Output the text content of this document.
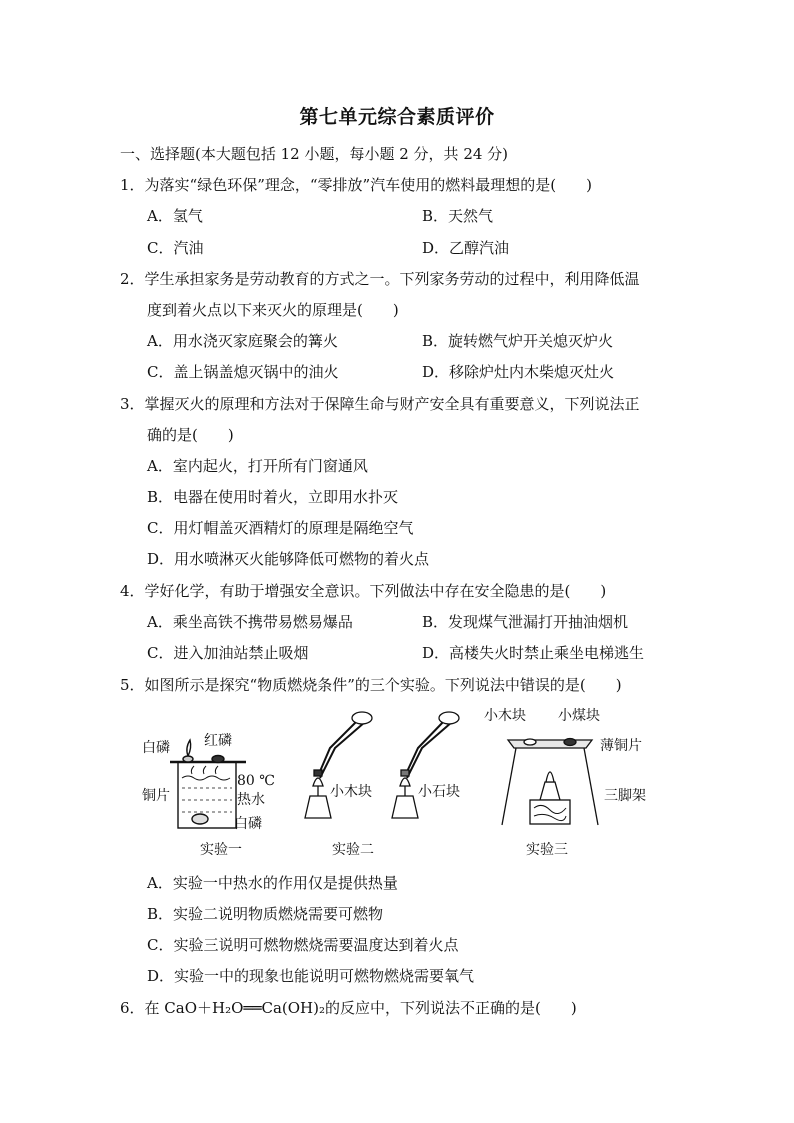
第七单元综合素质评价
一、选择题(本大题包括 12 小题，每小题 2 分，共 24 分)
1．为落实“绿色环保”理念，“零排放”汽车使用的燃料最理想的是(　　)
A．氢气	B．天然气
C．汽油	D．乙醇汽油
2．学生承担家务是劳动教育的方式之一。下列家务劳动的过程中，利用降低温
度到着火点以下来灭火的原理是(　　)
A．用水浇灭家庭聚会的篝火	B．旋转燃气炉开关熄灭炉火
C．盖上锅盖熄灭锅中的油火	D．移除炉灶内木柴熄灭灶火
3．掌握灭火的原理和方法对于保障生命与财产安全具有重要意义，下列说法正
确的是(　　)
A．室内起火，打开所有门窗通风
B．电器在使用时着火，立即用水扑灭
C．用灯帽盖灭酒精灯的原理是隔绝空气
D．用水喷淋灭火能够降低可燃物的着火点
4．学好化学，有助于增强安全意识。下列做法中存在安全隐患的是(　　)
A．乘坐高铁不携带易燃易爆品	B．发现煤气泄漏打开抽油烟机
C．进入加油站禁止吸烟	D．高楼失火时禁止乘坐电梯逃生
5．如图所示是探究“物质燃烧条件”的三个实验。下列说法中错误的是(　　)
白磷 红磷
铜片
80 ℃
热水
白磷
实验一
小木块	小石块
实验二
小木块 小煤块
薄铜片
三脚架
实验三
A．实验一中热水的作用仅是提供热量
B．实验二说明物质燃烧需要可燃物
C．实验三说明可燃物燃烧需要温度达到着火点
D．实验一中的现象也能说明可燃物燃烧需要氧气
6．在 CaO＋H₂O══Ca(OH)₂的反应中，下列说法不正确的是(　　)
